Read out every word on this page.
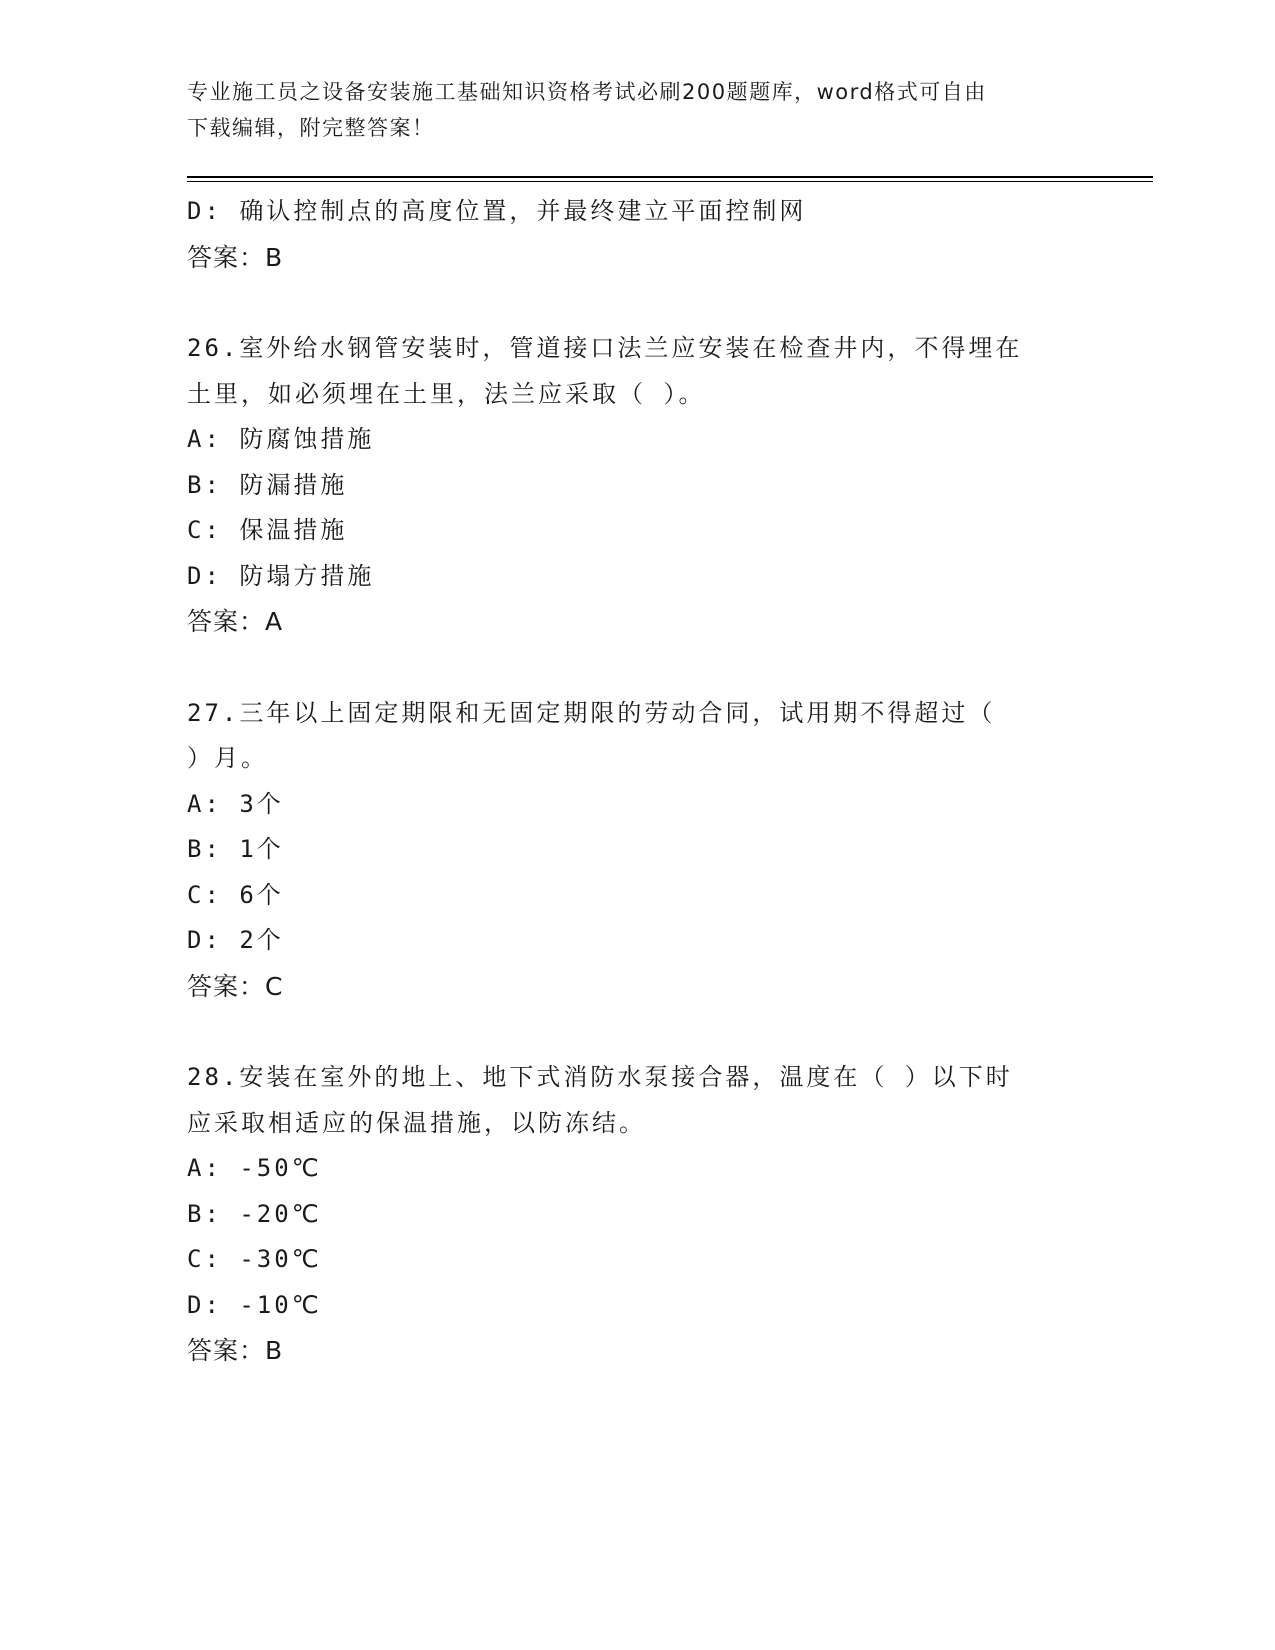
专业施工员之设备安装施工基础知识资格考试必刷200题题库，word格式可自由
下载编辑，附完整答案！
D: 确认控制点的高度位置，并最终建立平面控制网
答案：B
26.室外给水钢管安装时，管道接口法兰应安装在检查井内，不得埋在
土里，如必须埋在土里，法兰应采取（ ）。
A: 防腐蚀措施
B: 防漏措施
C: 保温措施
D: 防塌方措施
答案：A
27.三年以上固定期限和无固定期限的劳动合同，试用期不得超过（
）月。
A: 3个
B: 1个
C: 6个
D: 2个
答案：C
28.安装在室外的地上、地下式消防水泵接合器，温度在（ ）以下时
应采取相适应的保温措施，以防冻结。
A: -50℃
B: -20℃
C: -30℃
D: -10℃
答案：B
